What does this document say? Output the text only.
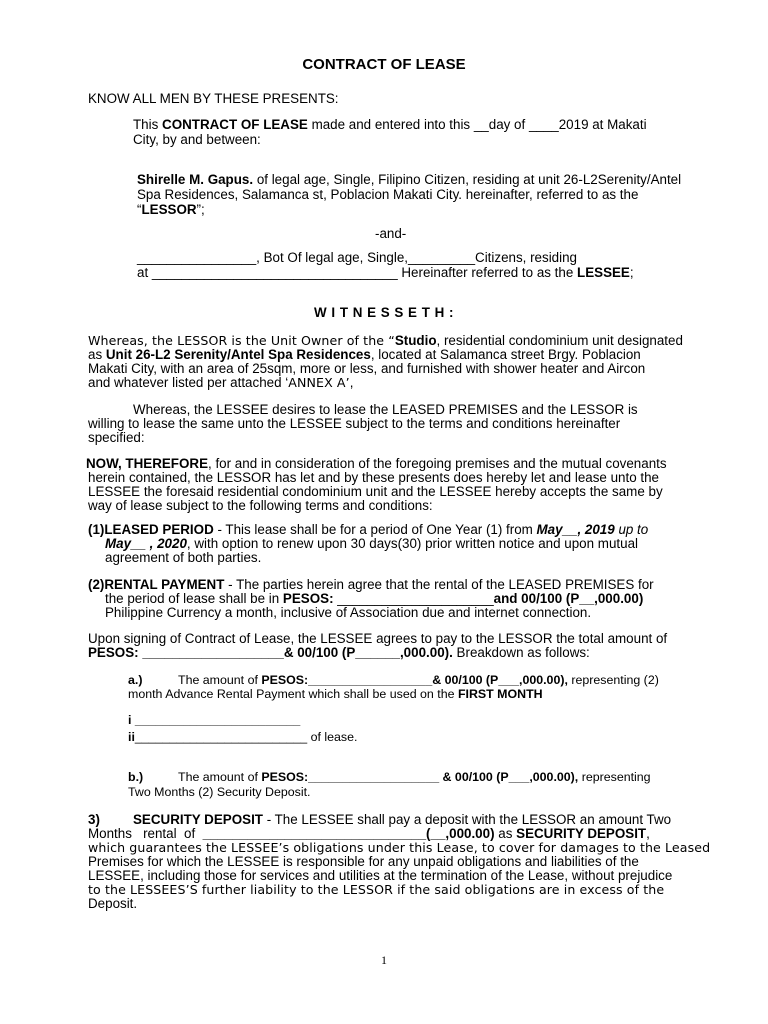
CONTRACT OF LEASE
KNOW ALL MEN BY THESE PRESENTS:
This CONTRACT OF LEASE made and entered into this __day of ____2019 at Makati
City, by and between:
Shirelle M. Gapus. of legal age, Single, Filipino Citizen, residing at unit 26-L2Serenity/Antel
Spa Residences, Salamanca st, Poblacion Makati City. hereinafter, referred to as the
“LESSOR”;
-and-
________________, Bot Of legal age, Single,_________Citizens, residing
at _________________________________ Hereinafter referred to as the LESSEE;
W I T N E S S E T H :
Whereas, the LESSOR is the Unit Owner of the “Studio, residential condominium unit designated
as Unit 26-L2 Serenity/Antel Spa Residences, located at Salamanca street Brgy. Poblacion
Makati City, with an area of 25sqm, more or less, and furnished with shower heater and Aircon
and whatever listed per attached ‘ANNEX A’,
Whereas, the LESSEE desires to lease the LEASED PREMISES and the LESSOR is
willing to lease the same unto the LESSEE subject to the terms and conditions hereinafter
specified:
NOW, THEREFORE, for and in consideration of the foregoing premises and the mutual covenants
herein contained, the LESSOR has let and by these presents does hereby let and lease unto the
LESSEE the foresaid residential condominium unit and the LESSEE hereby accepts the same by
way of lease subject to the following terms and conditions:
(1)LEASED PERIOD - This lease shall be for a period of One Year (1) from May__, 2019 up to
May__ , 2020, with option to renew upon 30 days(30) prior written notice and upon mutual
agreement of both parties.
(2)RENTAL PAYMENT - The parties herein agree that the rental of the LEASED PREMISES for
the period of lease shall be in PESOS: _____________________and 00/100 (P__,000.00)
Philippine Currency a month, inclusive of Association due and internet connection.
Upon signing of Contract of Lease, the LESSEE agrees to pay to the LESSOR the total amount of
PESOS: ___________________& 00/100 (P______,000.00). Breakdown as follows:
a.)	The amount of PESOS:__________________& 00/100 (P___,000.00), representing (2)
month Advance Rental Payment which shall be used on the FIRST MONTH
i ________________________
ii_________________________ of lease.
b.)	The amount of PESOS:___________________ & 00/100 (P___,000.00), representing
Two Months (2) Security Deposit.
3) SECURITY DEPOSIT - The LESSEE shall pay a deposit with the LESSOR an amount Two
Months   rental  of  ______________________________(__,000.00) as SECURITY DEPOSIT,
which guarantees the LESSEE’s obligations under this Lease, to cover for damages to the Leased
Premises for which the LESSEE is responsible for any unpaid obligations and liabilities of the
LESSEE, including those for services and utilities at the termination of the Lease, without prejudice
to the LESSEES’S further liability to the LESSOR if the said obligations are in excess of the
Deposit.
1
